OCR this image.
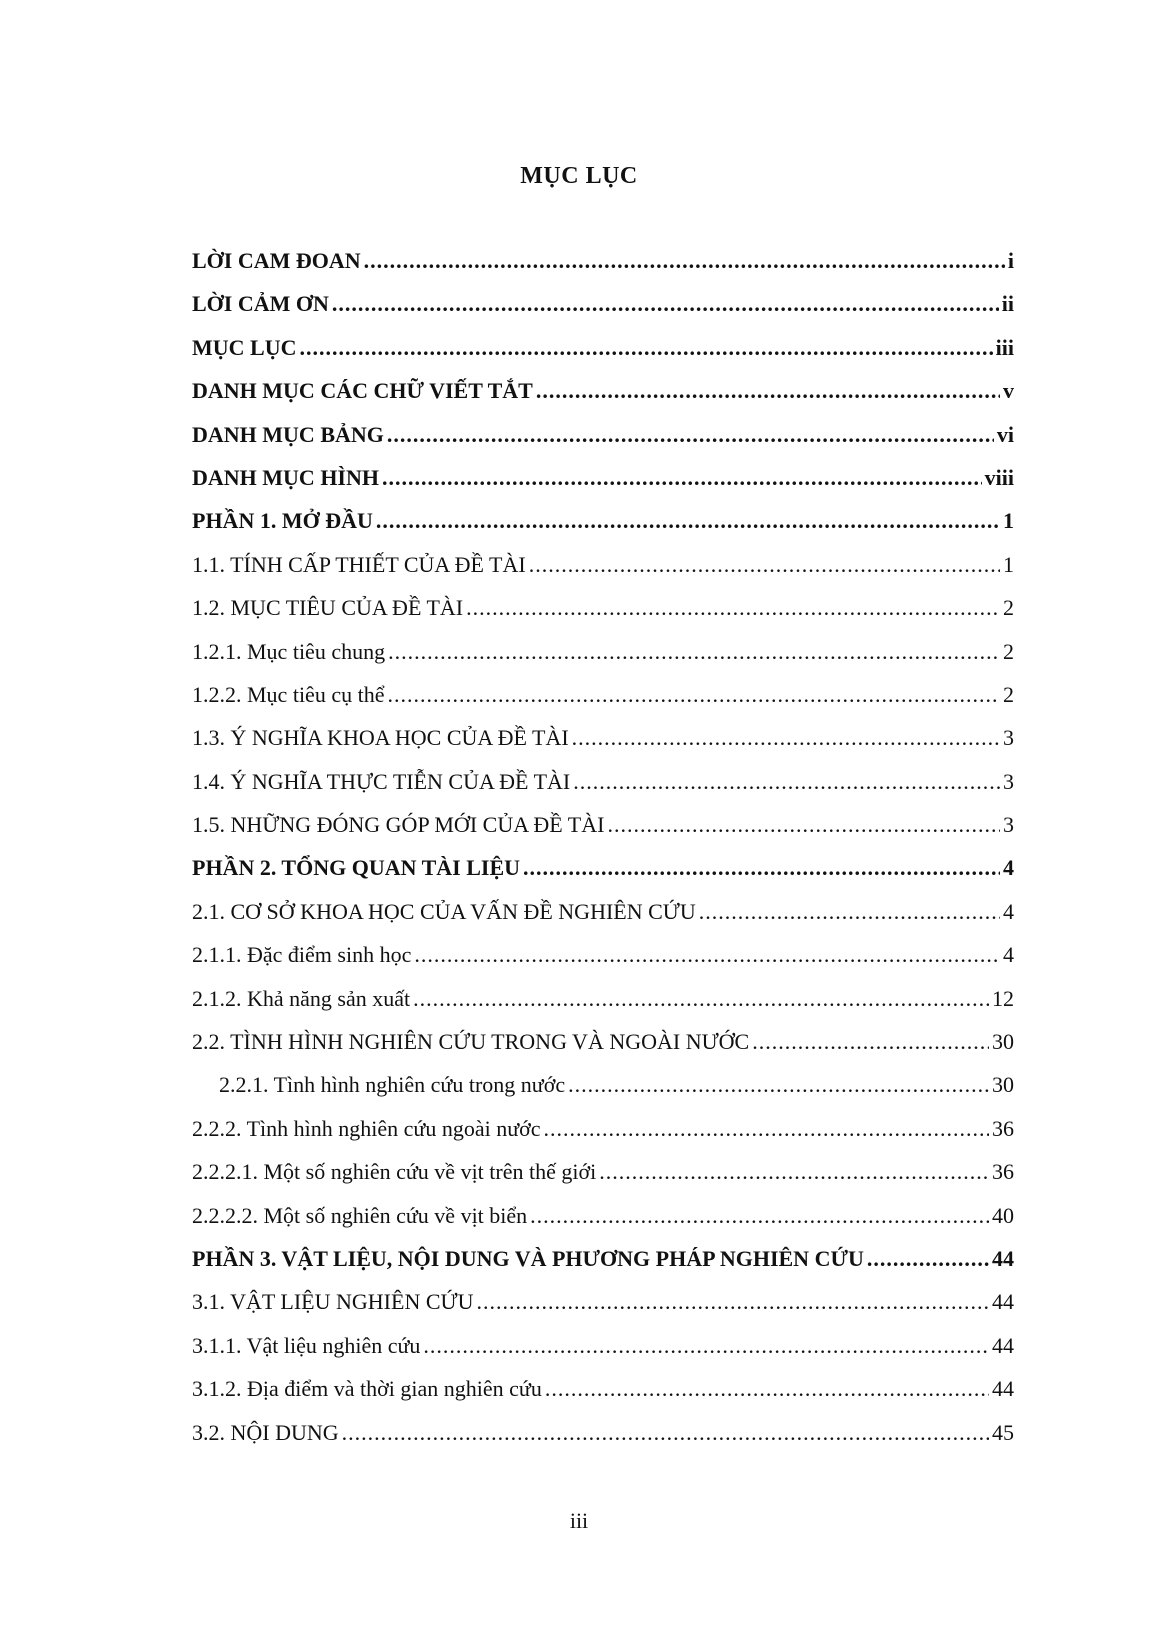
MỤC LỤC
LỜI CAM ĐOAN .....	i
LỜI CẢM ƠN .....	ii
MỤC LỤC .....	iii
DANH MỤC CÁC CHỮ VIẾT TẮT .....	v
DANH MỤC BẢNG .....	vi
DANH MỤC HÌNH .....	viii
PHẦN 1. MỞ ĐẦU .....	1
1.1. TÍNH CẤP THIẾT CỦA ĐỀ TÀI .....	1
1.2. MỤC TIÊU CỦA ĐỀ TÀI .....	2
1.2.1. Mục tiêu chung .....	2
1.2.2. Mục tiêu cụ thể .....	2
1.3. Ý NGHĨA KHOA HỌC CỦA ĐỀ TÀI .....	3
1.4. Ý NGHĨA THỰC TIỄN CỦA ĐỀ TÀI .....	3
1.5. NHỮNG ĐÓNG GÓP MỚI CỦA ĐỀ TÀI .....	3
PHẦN 2. TỔNG QUAN TÀI LIỆU .....	4
2.1. CƠ SỞ KHOA HỌC CỦA VẤN ĐỀ NGHIÊN CỨU .....	4
2.1.1. Đặc điểm sinh học .....	4
2.1.2. Khả năng sản xuất .....	12
2.2. TÌNH HÌNH NGHIÊN CỨU TRONG VÀ NGOÀI NƯỚC .....	30
2.2.1. Tình hình nghiên cứu trong nước .....	30
2.2.2. Tình hình nghiên cứu ngoài nước .....	36
2.2.2.1. Một số nghiên cứu về vịt trên thế giới .....	36
2.2.2.2. Một số nghiên cứu về vịt biển .....	40
PHẦN 3. VẬT LIỆU, NỘI DUNG VÀ PHƯƠNG PHÁP NGHIÊN CỨU .....	44
3.1. VẬT LIỆU NGHIÊN CỨU .....	44
3.1.1. Vật liệu nghiên cứu .....	44
3.1.2. Địa điểm và thời gian nghiên cứu .....	44
3.2. NỘI DUNG .....	45
iii
